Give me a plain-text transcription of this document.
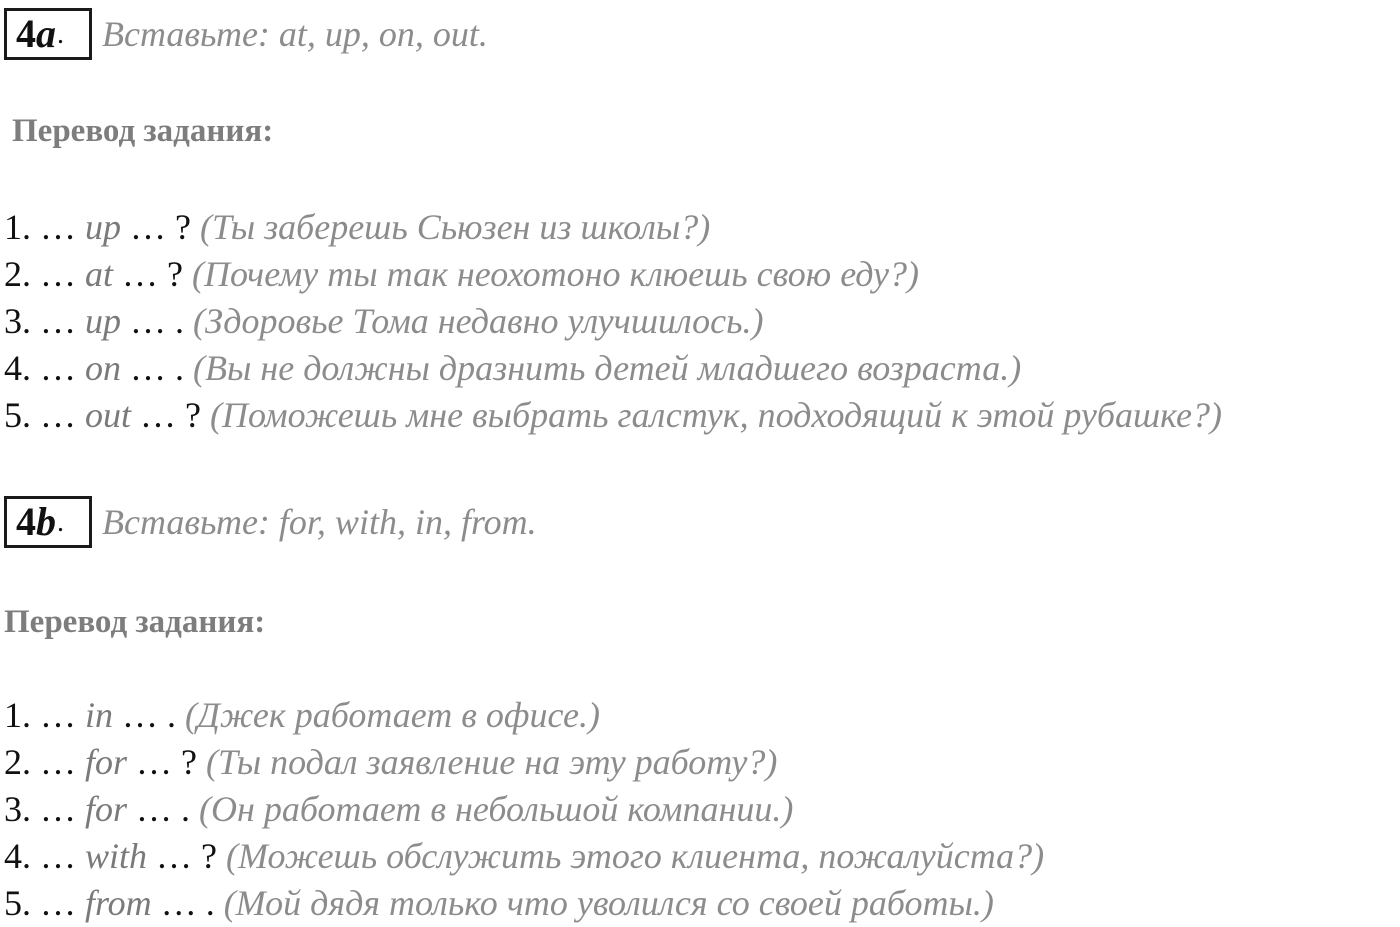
4 a . Вставьте: at, up, on, out.
Перевод задания:
1. … up … ? (Ты заберешь Сьюзен из школы?)
2. … at … ? (Почему ты так неохотоно клюешь свою еду?)
3. … up … . (Здоровье Тома недавно улучшилось.)
4. … on … . (Вы не должны дразнить детей младшего возраста.)
5. … out … ? (Поможешь мне выбрать галстук, подходящий к этой рубашке?)
4 b . Вставьте: for, with, in, from.
Перевод задания:
1. … in … . (Джек работает в офисе.)
2. … for … ? (Ты подал заявление на эту работу?)
3. … for … . (Он работает в небольшой компании.)
4. … with … ? (Можешь обслужить этого клиента, пожалуйста?)
5. … from … . (Мой дядя только что уволился со своей работы.)
